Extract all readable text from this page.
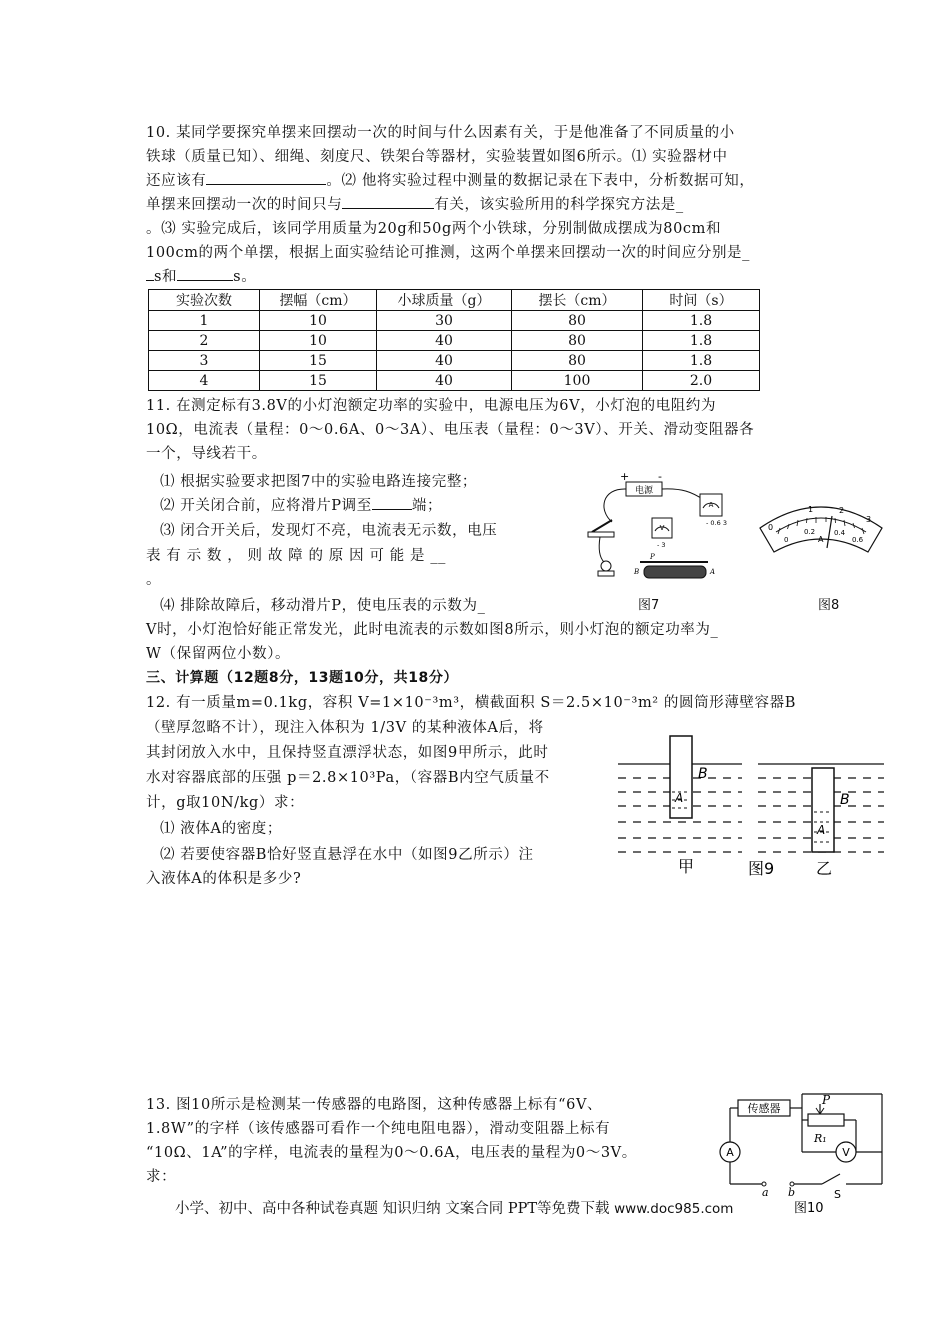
10. 某同学要探究单摆来回摆动一次的时间与什么因素有关，于是他准备了不同质量的小
铁球（质量已知）、细绳、刻度尺、铁架台等器材，实验装置如图6所示。⑴ 实验器材中
还应该有	。⑵ 他将实验过程中测量的数据记录在下表中，分析数据可知，
单摆来回摆动一次的时间只与	有关，该实验所用的科学探究方法是_
。⑶ 实验完成后，该同学用质量为20g和50g两个小铁球，分别制做成摆成为80cm和
100cm的两个单摆，根据上面实验结论可推测，这两个单摆来回摆动一次的时间应分别是_
s和	s。
实验次数	摆幅（cm）	小球质量（g）	摆长（cm）	时间（s）
1	10	30	80	1.8
2	10	40	80	1.8
3	15	40	80	1.8
4	15	40	100	2.0
11. 在测定标有3.8V的小灯泡额定功率的实验中，电源电压为6V，小灯泡的电阻约为
10Ω，电流表（量程：0～0.6A、0～3A）、电压表（量程：0～3V）、开关、滑动变阻器各
一个，导线若干。
⑴ 根据实验要求把图7中的实验电路连接完整；
⑵ 开关闭合前，应将滑片P调至	端；
⑶ 闭合开关后，发现灯不亮，电流表无示数，电压
表 有 示 数 ， 则 故 障 的 原 因 可 能 是 __
。
⑷ 排除故障后，移动滑片P，使电压表的示数为_
V时，小灯泡恰好能正常发光，此时电流表的示数如图8所示，则小灯泡的额定功率为_
W（保留两位小数）。
电源
+	-
A
- 0.6 3
V
- 3
P
B	A
图7
1	2
3
0
0
0.2	0.4
0.6
A
图8
三、计算题（12题8分，13题10分，共18分）
12. 有一质量m=0.1kg，容积 V=1×10⁻³m³，横截面积 S＝2.5×10⁻³m² 的圆筒形薄壁容器B
（壁厚忽略不计），现注入体积为 1/3V 的某种液体A后，将
其封闭放入水中，且保持竖直漂浮状态，如图9甲所示，此时
水对容器底部的压强 p＝2.8×10³Pa，（容器B内空气质量不
计，g取10N/kg）求：
⑴ 液体A的密度；
⑵ 若要使容器B恰好竖直悬浮在水中（如图9乙所示）注
入液体A的体积是多少?
B
A	B
A
甲	图9	乙
13. 图10所示是检测某一传感器的电路图，这种传感器上标有“6V、
1.8W”的字样（该传感器可看作一个纯电阻电器），滑动变阻器上标有
“10Ω、1A”的字样，电流表的量程为0～0.6A，电压表的量程为0～3V。
求：
传感器
P
R₁
A	V
a b	S
图10
小学、初中、高中各种试卷真题 知识归纳 文案合同 PPT等免费下载 www.doc985.com
